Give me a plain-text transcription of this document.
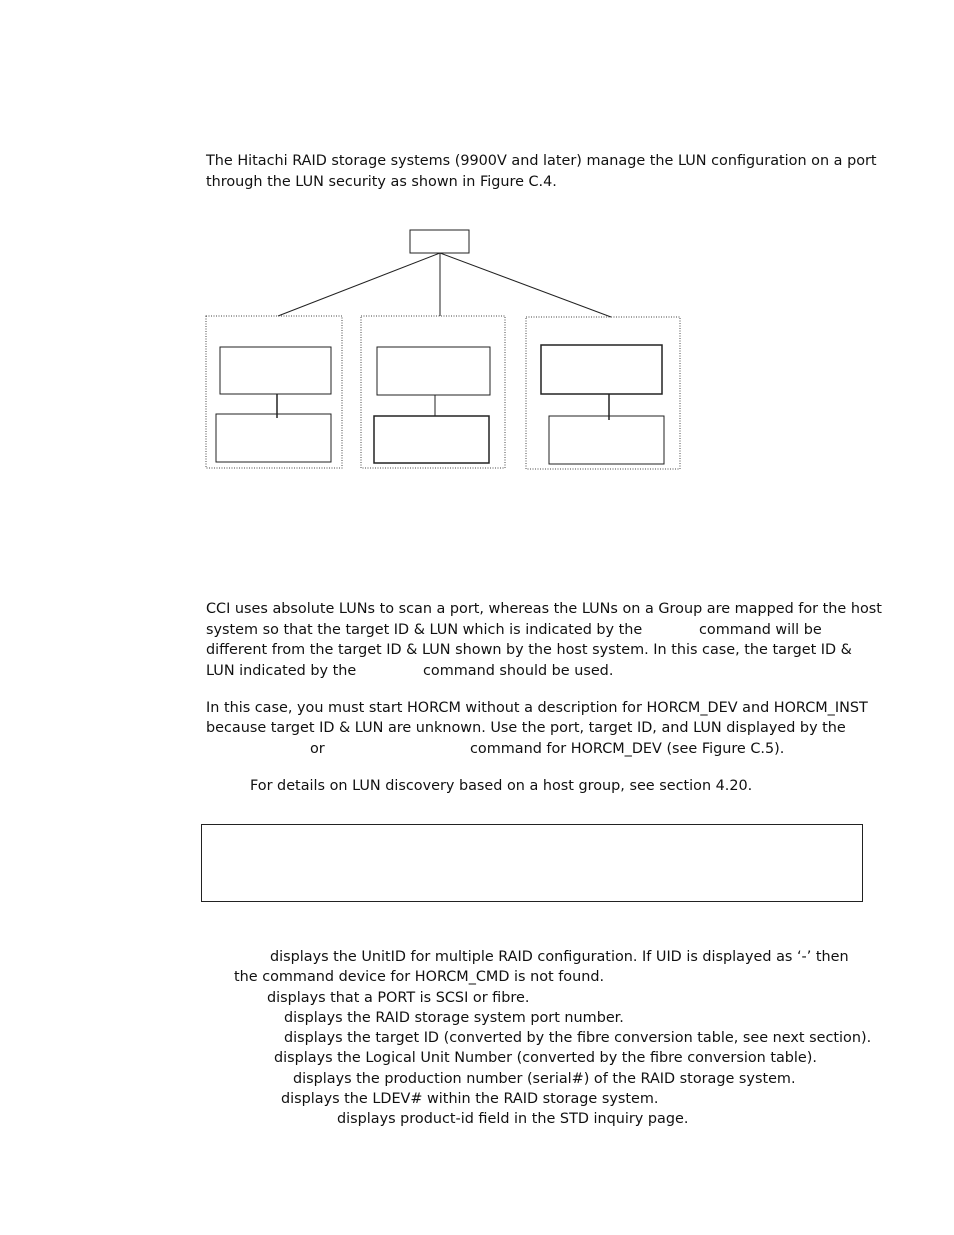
The Hitachi RAID storage systems (9900V and later) manage the LUN configuration on a port
through the LUN security as shown in Figure C.4.
CCI uses absolute LUNs to scan a port, whereas the LUNs on a Group are mapped for the host
system so that the target ID & LUN which is indicated by the	command will be
different from the target ID & LUN shown by the host system. In this case, the target ID &
LUN indicated by the	command should be used.
In this case, you must start HORCM without a description for HORCM_DEV and HORCM_INST
because target ID & LUN are unknown. Use the port, target ID, and LUN displayed by the
or	command for HORCM_DEV (see Figure C.5).
For details on LUN discovery based on a host group, see section 4.20.
displays the UnitID for multiple RAID configuration. If UID is displayed as ‘-’ then
the command device for HORCM_CMD is not found.
displays that a PORT is SCSI or fibre.
displays the RAID storage system port number.
displays the target ID (converted by the fibre conversion table, see next section).
displays the Logical Unit Number (converted by the fibre conversion table).
displays the production number (serial#) of the RAID storage system.
displays the LDEV# within the RAID storage system.
displays product-id field in the STD inquiry page.
